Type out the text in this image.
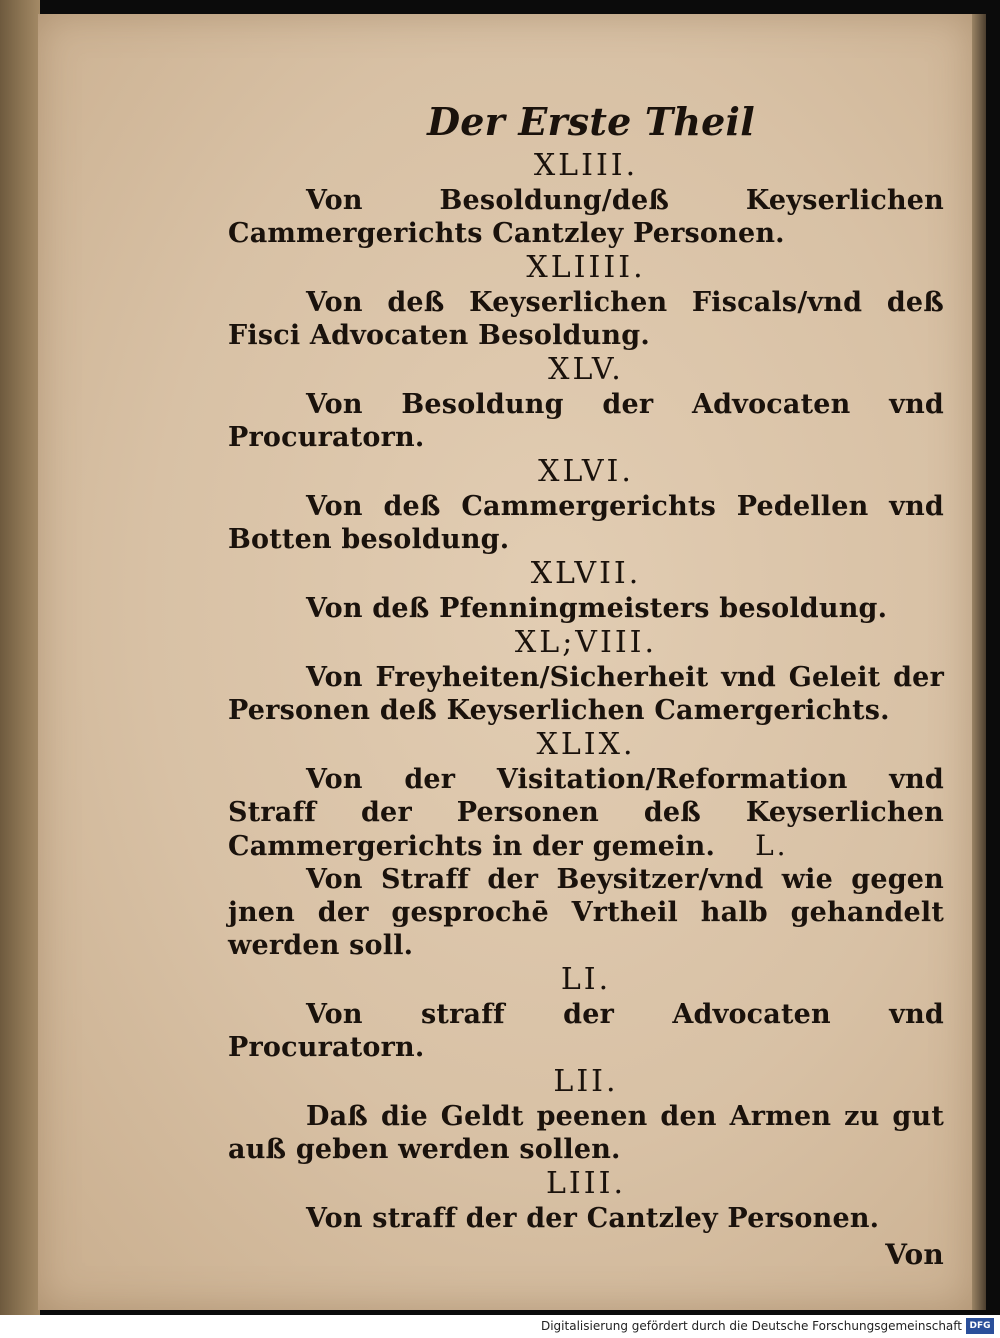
Der Erste Theil
XLIII.
Von Besoldung/deß Keyserlichen Cammergerichts Cantzley Personen.
XLIIII.
Von deß Keyserlichen Fiscals/vnd deß Fisci Advocaten Besoldung.
XLV.
Von Besoldung der Advocaten vnd Procuratorn.
XLVI.
Von deß Cammergerichts Pedellen vnd Botten besoldung.
XLVII.
Von deß Pfenningmeisters besoldung.
XL;VIII.
Von Freyheiten/Sicherheit vnd Geleit der Personen deß Keyserlichen Camergerichts.
XLIX.
Von der Visitation/Reformation vnd Straff der Personen deß Keyserlichen Cammergerichts in der gemein. L.
Von Straff der Beysitzer/vnd wie gegen jnen der gesprochē Vrtheil halb gehandelt werden soll.
LI.
Von straff der Advocaten vnd Procuratorn.
LII.
Daß die Geldt peenen den Armen zu gut auß geben werden sollen.
LIII.
Von straff der der Cantzley Personen.
Von
Digitalisierung gefördert durch die Deutsche Forschungsgemeinschaft DFG
